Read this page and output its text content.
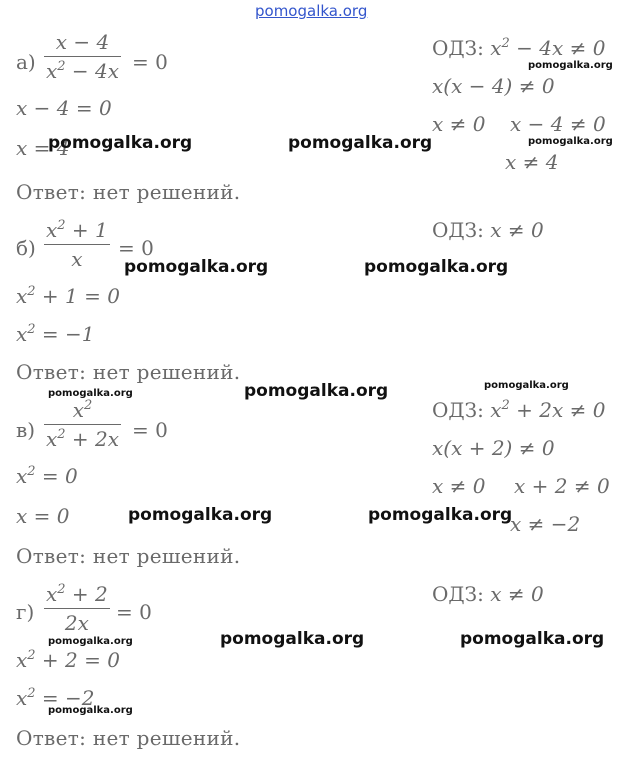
pomogalka.org
а)
x − 4
$x^2 - 4x = 0$
x − 4 = 0
x = 4
Ответ: нет решений.
ОДЗ: $x^2 - 4x \ne 0$
x(x − 4) ≠ 0
x ≠ 0 x − 4 ≠ 0
x ≠ 4
б)
$x^2 + 1$
x = 0
$x^2 + 1 = 0$
$x^2 = -1$
Ответ: нет решений.
ОДЗ: x ≠ 0
в)
$x^2$
$x^2 + 2x = 0$
$x^2 = 0$
x = 0
Ответ: нет решений.
ОДЗ: $x^2 + 2x \ne 0$
x(x + 2) ≠ 0
x ≠ 0 x + 2 ≠ 0
x ≠ −2
г)
$x^2 + 2$
2x = 0
$x^2 + 2 = 0$
$x^2 = -2$
Ответ: нет решений.
ОДЗ: x ≠ 0
pomogalka.org
pomogalka.org	pomogalka.org	pomogalka.org
pomogalka.org	pomogalka.org
pomogalka.org	pomogalka.org	pomogalka.org
pomogalka.org	pomogalka.org
pomogalka.org	pomogalka.org	pomogalka.org
pomogalka.org
